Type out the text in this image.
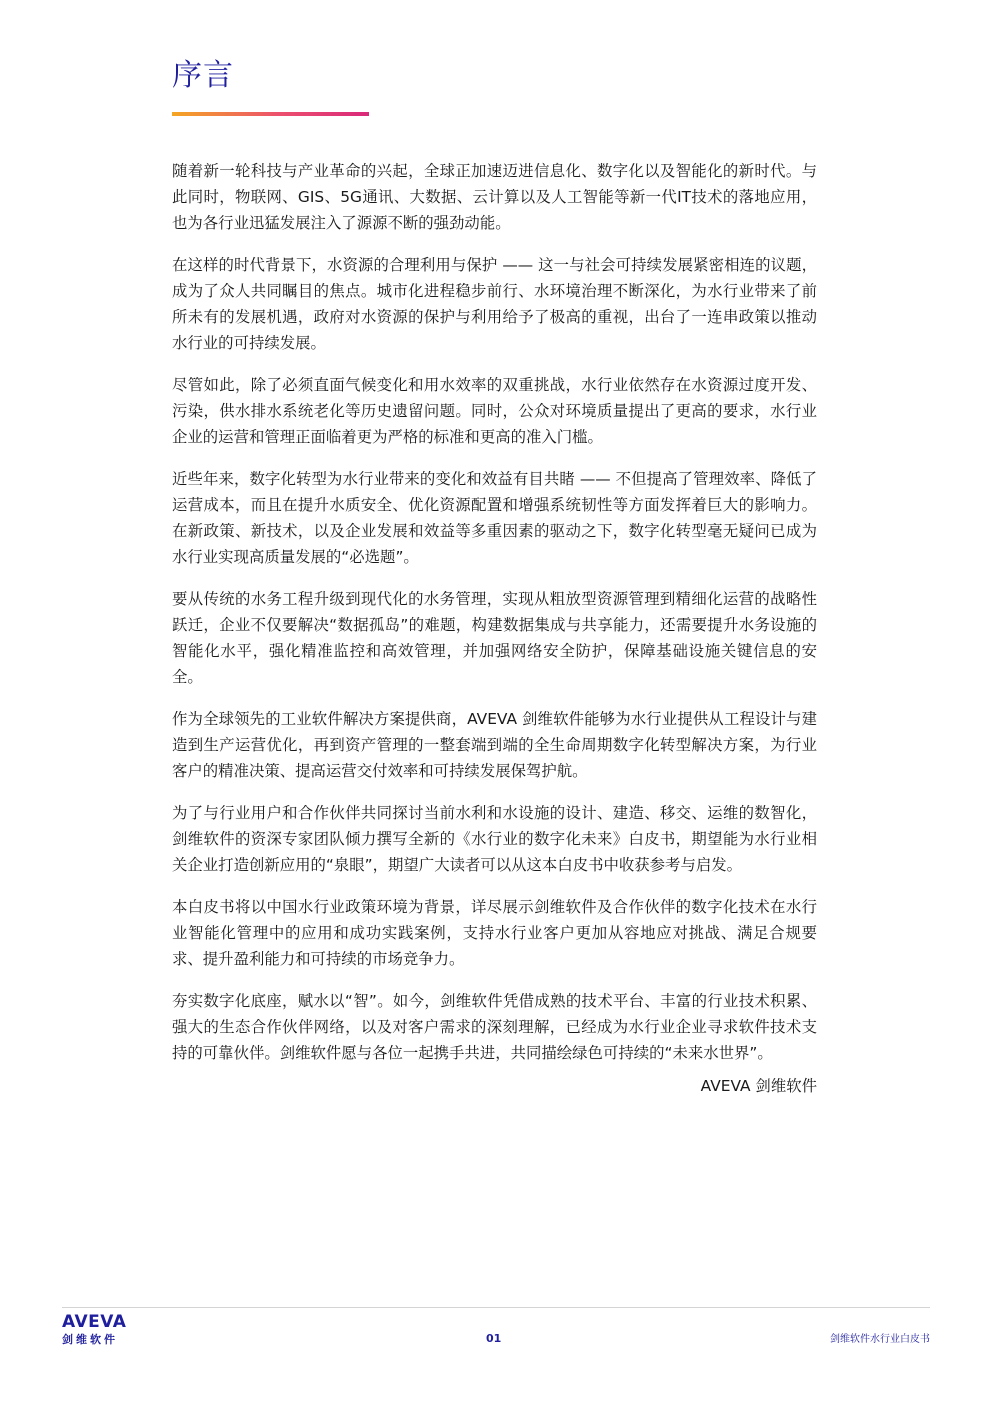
序言

随着新一轮科技与产业革命的兴起，全球正加速迈进信息化、数字化以及智能化的新时代。与此同时，物联网、GIS、5G通讯、大数据、云计算以及人工智能等新一代IT技术的落地应用，也为各行业迅猛发展注入了源源不断的强劲动能。

在这样的时代背景下，水资源的合理利用与保护 —— 这一与社会可持续发展紧密相连的议题，成为了众人共同瞩目的焦点。城市化进程稳步前行、水环境治理不断深化，为水行业带来了前所未有的发展机遇，政府对水资源的保护与利用给予了极高的重视，出台了一连串政策以推动水行业的可持续发展。

尽管如此，除了必须直面气候变化和用水效率的双重挑战，水行业依然存在水资源过度开发、污染，供水排水系统老化等历史遗留问题。同时，公众对环境质量提出了更高的要求，水行业企业的运营和管理正面临着更为严格的标准和更高的准入门槛。

近些年来，数字化转型为水行业带来的变化和效益有目共睹 —— 不但提高了管理效率、降低了运营成本，而且在提升水质安全、优化资源配置和增强系统韧性等方面发挥着巨大的影响力。在新政策、新技术，以及企业发展和效益等多重因素的驱动之下，数字化转型毫无疑问已成为水行业实现高质量发展的“必选题”。

要从传统的水务工程升级到现代化的水务管理，实现从粗放型资源管理到精细化运营的战略性跃迁，企业不仅要解决“数据孤岛”的难题，构建数据集成与共享能力，还需要提升水务设施的智能化水平，强化精准监控和高效管理，并加强网络安全防护，保障基础设施关键信息的安全。

作为全球领先的工业软件解决方案提供商，AVEVA 剑维软件能够为水行业提供从工程设计与建造到生产运营优化，再到资产管理的一整套端到端的全生命周期数字化转型解决方案，为行业客户的精准决策、提高运营交付效率和可持续发展保驾护航。

为了与行业用户和合作伙伴共同探讨当前水利和水设施的设计、建造、移交、运维的数智化，剑维软件的资深专家团队倾力撰写全新的《水行业的数字化未来》白皮书，期望能为水行业相关企业打造创新应用的“泉眼”，期望广大读者可以从这本白皮书中收获参考与启发。

本白皮书将以中国水行业政策环境为背景，详尽展示剑维软件及合作伙伴的数字化技术在水行业智能化管理中的应用和成功实践案例，支持水行业客户更加从容地应对挑战、满足合规要求、提升盈利能力和可持续的市场竞争力。

夯实数字化底座，赋水以“智”。如今，剑维软件凭借成熟的技术平台、丰富的行业技术积累、强大的生态合作伙伴网络，以及对客户需求的深刻理解，已经成为水行业企业寻求软件技术支持的可靠伙伴。剑维软件愿与各位一起携手共进，共同描绘绿色可持续的“未来水世界”。

AVEVA 剑维软件
AVEVA
剑维软件	01	剑维软件水行业白皮书
